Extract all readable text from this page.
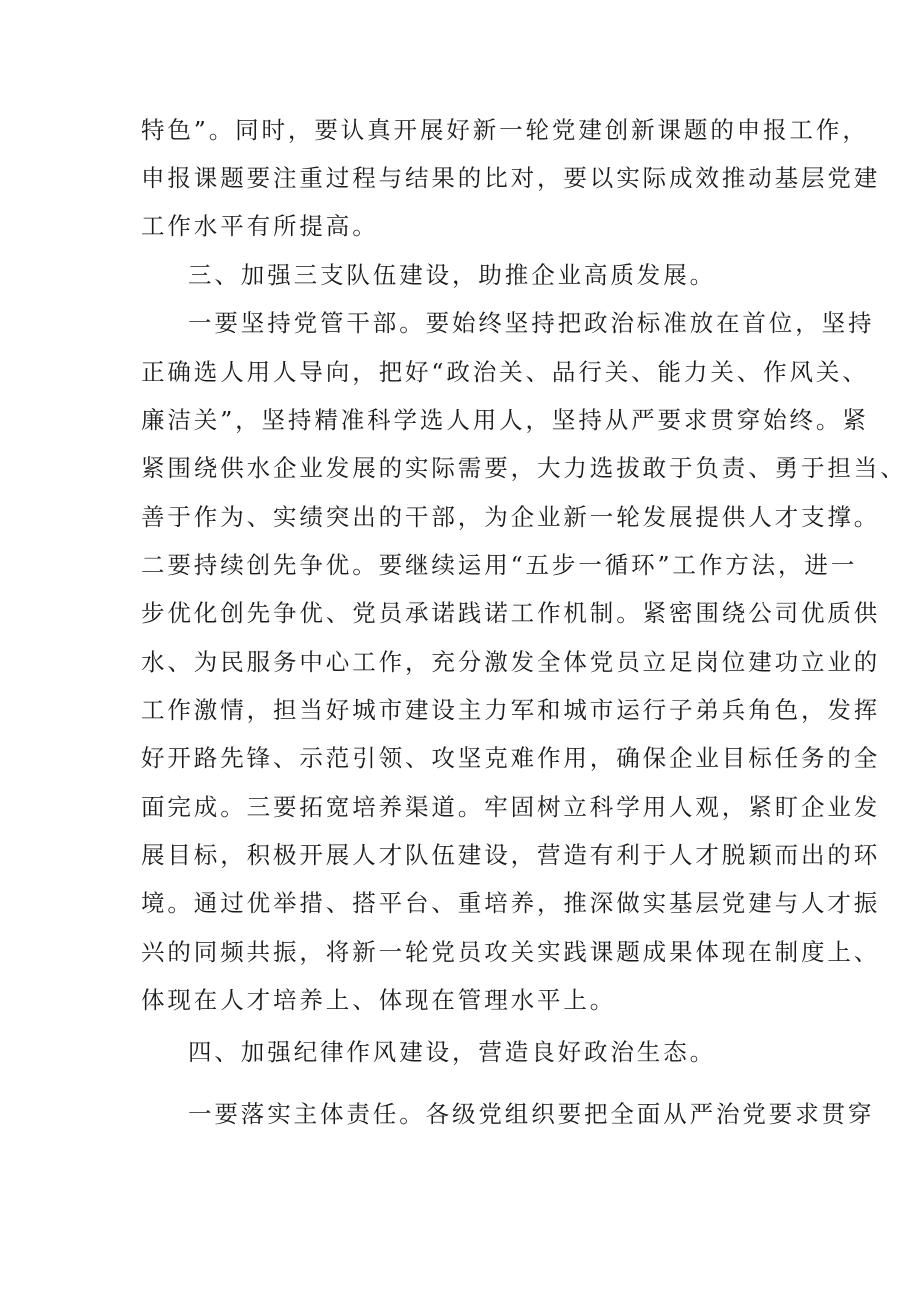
特色”。同时，要认真开展好新一轮党建创新课题的申报工作，
申报课题要注重过程与结果的比对，要以实际成效推动基层党建
工作水平有所提高。
三、加强三支队伍建设，助推企业高质发展。
一要坚持党管干部。要始终坚持把政治标准放在首位，坚持
正确选人用人导向，把好“政治关、品行关、能力关、作风关、
廉洁关”，坚持精准科学选人用人，坚持从严要求贯穿始终。紧
紧围绕供水企业发展的实际需要，大力选拔敢于负责、勇于担当、
善于作为、实绩突出的干部，为企业新一轮发展提供人才支撑。
二要持续创先争优。要继续运用“五步一循环”工作方法，进一
步优化创先争优、党员承诺践诺工作机制。紧密围绕公司优质供
水、为民服务中心工作，充分激发全体党员立足岗位建功立业的
工作激情，担当好城市建设主力军和城市运行子弟兵角色，发挥
好开路先锋、示范引领、攻坚克难作用，确保企业目标任务的全
面完成。三要拓宽培养渠道。牢固树立科学用人观，紧盯企业发
展目标，积极开展人才队伍建设，营造有利于人才脱颖而出的环
境。通过优举措、搭平台、重培养，推深做实基层党建与人才振
兴的同频共振，将新一轮党员攻关实践课题成果体现在制度上、
体现在人才培养上、体现在管理水平上。
四、加强纪律作风建设，营造良好政治生态。
一要落实主体责任。各级党组织要把全面从严治党要求贯穿
